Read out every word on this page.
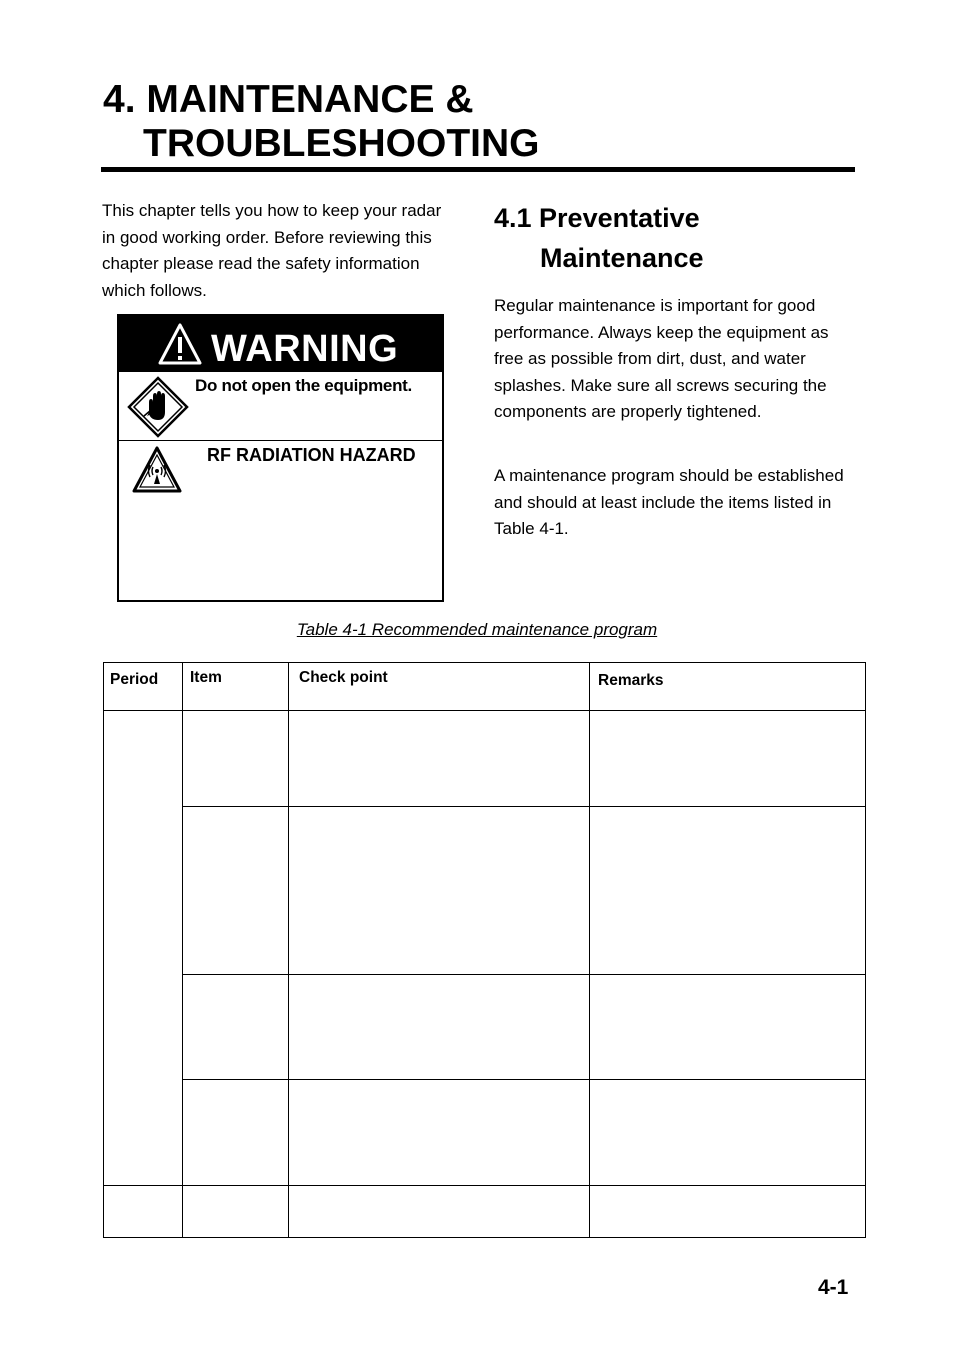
4. MAINTENANCE &

TROUBLESHOOTING

This chapter tells you how to keep your radar in good working order. Before reviewing this chapter please read the safety information which follows.

WARNING
Do not open the equipment.
RF RADIATION HAZARD
4.1 Preventative

Maintenance

Regular maintenance is important for good performance. Always keep the equipment as free as possible from dirt, dust, and water splashes. Make sure all screws securing the components are properly tightened.

A maintenance program should be established and should at least include the items listed in Table 4-1.

Table 4-1 Recommended maintenance program
Period	Item	Check point	Remarks

4-1
